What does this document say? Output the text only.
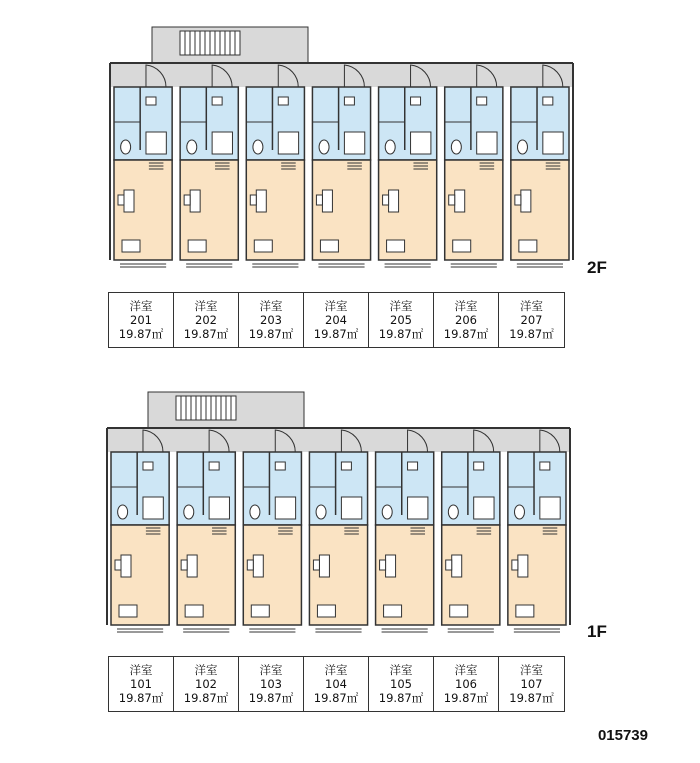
2F
1F
洋室
201
19.87㎡
洋室
202
19.87㎡
洋室
203
19.87㎡
洋室
204
19.87㎡
洋室
205
19.87㎡
洋室
206
19.87㎡
洋室
207
19.87㎡
洋室
101
19.87㎡
洋室
102
19.87㎡
洋室
103
19.87㎡
洋室
104
19.87㎡
洋室
105
19.87㎡
洋室
106
19.87㎡
洋室
107
19.87㎡
015739
